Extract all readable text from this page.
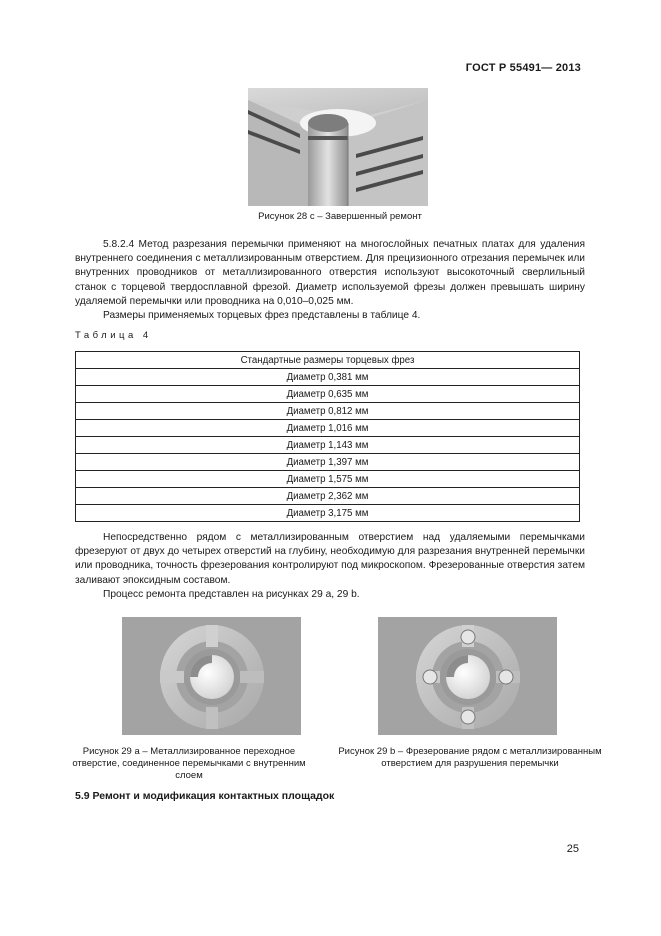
ГОСТ Р 55491— 2013
Рисунок 28 с – Завершенный ремонт

5.8.2.4 Метод разрезания перемычки применяют на многослойных печатных платах для удаления внутреннего соединения с металлизированным отверстием. Для прецизионного отрезания перемычек или внутренних проводников от металлизированного отверстия используют высокоточный сверлильный станок с торцевой твердосплавной фрезой. Диаметр используемой фрезы должен превышать ширину удаляемой перемычки или проводника на 0,010–0,025 мм.

Размеры применяемых торцевых фрез представлены в таблице 4.

Таблица 4
Стандартные размеры торцевых фрез
Диаметр 0,381 мм
Диаметр 0,635 мм
Диаметр 0,812 мм
Диаметр 1,016 мм
Диаметр 1,143 мм
Диаметр 1,397 мм
Диаметр 1,575 мм
Диаметр 2,362 мм
Диаметр 3,175 мм

Непосредственно рядом с металлизированным отверстием над удаляемыми перемычками фрезеруют от двух до четырех отверстий на глубину, необходимую для разрезания внутренней перемычки или проводника, точность фрезерования контролируют под микроскопом. Фрезерованные отверстия затем заливают эпоксидным составом.

Процесс ремонта представлен на рисунках 29 а, 29 b.

Рисунок 29 a – Металлизированное переходное отверстие, соединенное перемычками с внутренним слоем
Рисунок 29 b – Фрезерование рядом с металлизированным отверстием для разрушения перемычки
5.9 Ремонт и модификация контактных площадок
25
